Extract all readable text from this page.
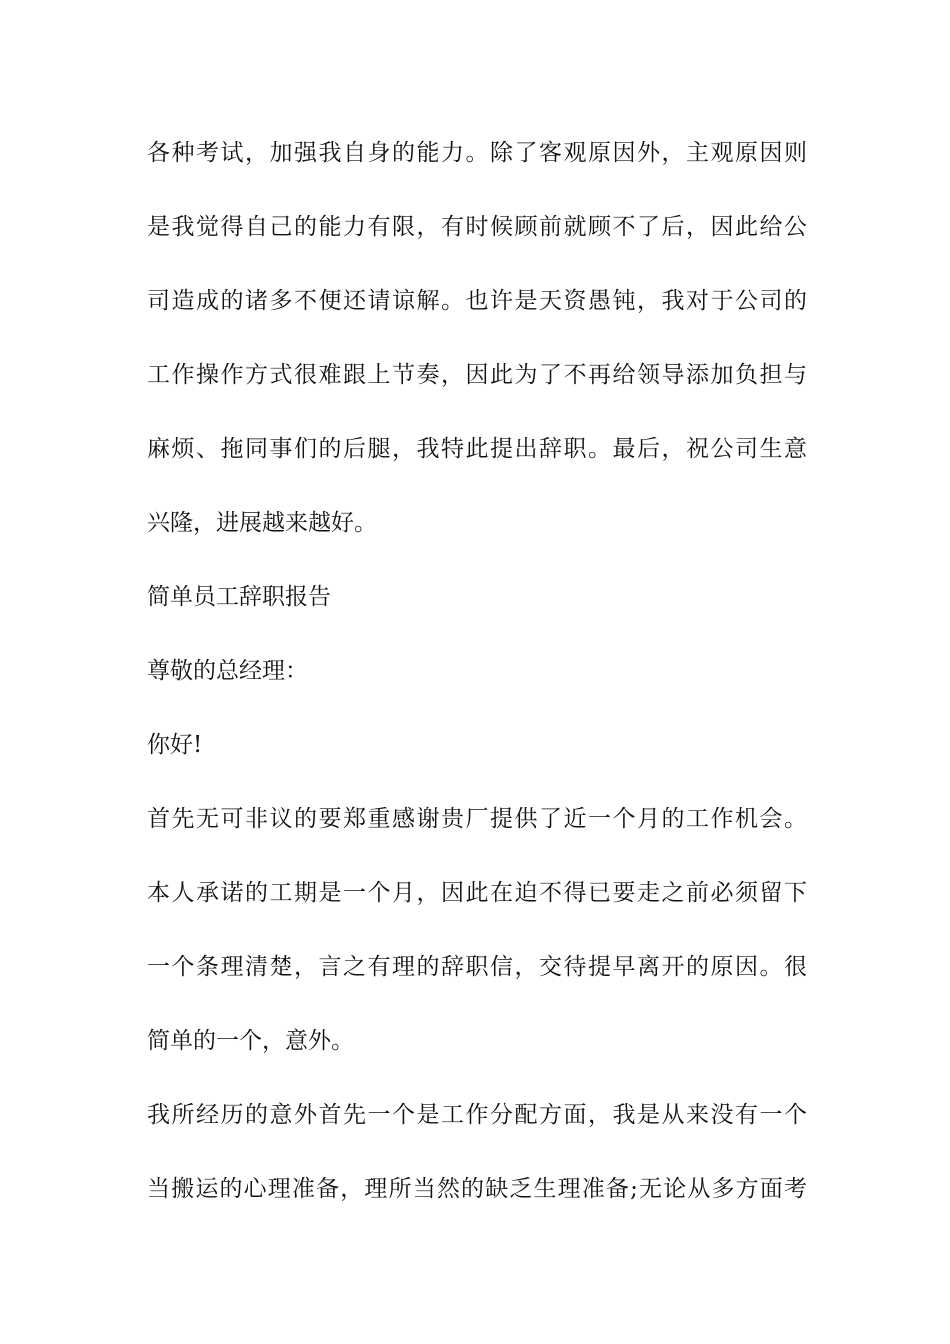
各种考试，加强我自身的能力。除了客观原因外，主观原因则
是我觉得自己的能力有限，有时候顾前就顾不了后，因此给公
司造成的诸多不便还请谅解。也许是天资愚钝，我对于公司的
工作操作方式很难跟上节奏，因此为了不再给领导添加负担与
麻烦、拖同事们的后腿，我特此提出辞职。最后，祝公司生意
兴隆，进展越来越好。
简单员工辞职报告
尊敬的总经理：
你好!
首先无可非议的要郑重感谢贵厂提供了近一个月的工作机会。
本人承诺的工期是一个月，因此在迫不得已要走之前必须留下
一个条理清楚，言之有理的辞职信，交待提早离开的原因。很
简单的一个，意外。
我所经历的意外首先一个是工作分配方面，我是从来没有一个
当搬运的心理准备，理所当然的缺乏生理准备;无论从多方面考
